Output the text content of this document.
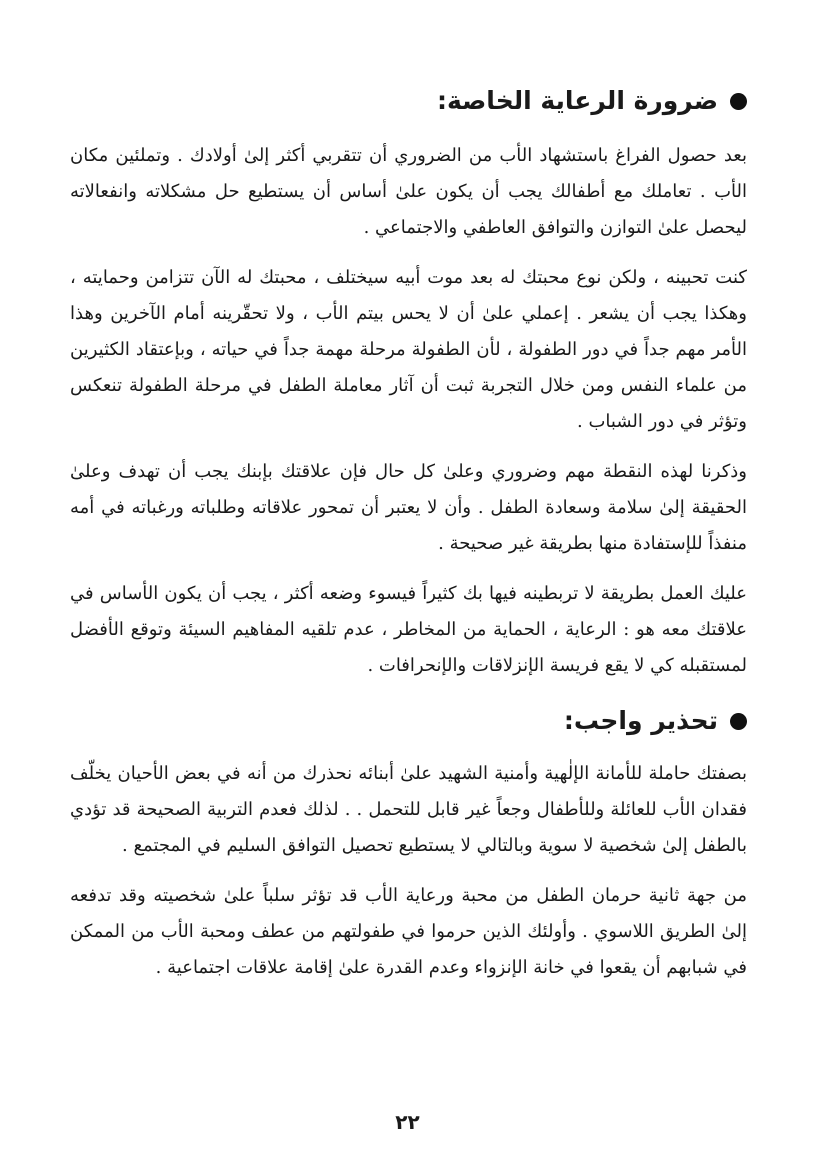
ضرورة الرعاية الخاصة:

بعد حصول الفراغ باستشهاد الأب من الضروري أن تتقربي أكثر إلىٰ أولادك . وتملئين مكان الأب . تعاملك مع أطفالك يجب أن يكون علىٰ أساس أن يستطيع حل مشكلاته وانفعالاته ليحصل علىٰ التوازن والتوافق العاطفي والاجتماعي .

كنت تحبينه ، ولكن نوع محبتك له بعد موت أبيه سيختلف ، محبتك له الآن تتزامن وحمايته ، وهكذا يجب أن يشعر . إعملي علىٰ أن لا يحس بيتم الأب ، ولا تحقّرينه أمام الآخرين وهذا الأمر مهم جداً في دور الطفولة ، لأن الطفولة مرحلة مهمة جداً في حياته ، وبإعتقاد الكثيرين من علماء النفس ومن خلال التجربة ثبت أن آثار معاملة الطفل في مرحلة الطفولة تنعكس وتؤثر في دور الشباب .

وذكرنا لهذه النقطة مهم وضروري وعلىٰ كل حال فإن علاقتك بإبنك يجب أن تهدف وعلىٰ الحقيقة إلىٰ سلامة وسعادة الطفل . وأن لا يعتبر أن تمحور علاقاته وطلباته ورغباته في أمه منفذاً للإستفادة منها بطريقة غير صحيحة .

عليك العمل بطريقة لا تربطينه فيها بك كثيراً فيسوء وضعه أكثر ، يجب أن يكون الأساس في علاقتك معه هو : الرعاية ، الحماية من المخاطر ، عدم تلقيه المفاهيم السيئة وتوقع الأفضل لمستقبله كي لا يقع فريسة الإنزلاقات والإنحرافات .

تحذير واجب:

بصفتك حاملة للأمانة الإلٰهية وأمنية الشهيد علىٰ أبنائه نحذرك من أنه في بعض الأحيان يخلّف فقدان الأب للعائلة وللأطفال وجعاً غير قابل للتحمل . . لذلك فعدم التربية الصحيحة قد تؤدي بالطفل إلىٰ شخصية لا سوية وبالتالي لا يستطيع تحصيل التوافق السليم في المجتمع .

من جهة ثانية حرمان الطفل من محبة ورعاية الأب قد تؤثر سلباً علىٰ شخصيته وقد تدفعه إلىٰ الطريق اللاسوي . وأولئك الذين حرموا في طفولتهم من عطف ومحبة الأب من الممكن في شبابهم أن يقعوا في خانة الإنزواء وعدم القدرة علىٰ إقامة علاقات اجتماعية .

٢٢
